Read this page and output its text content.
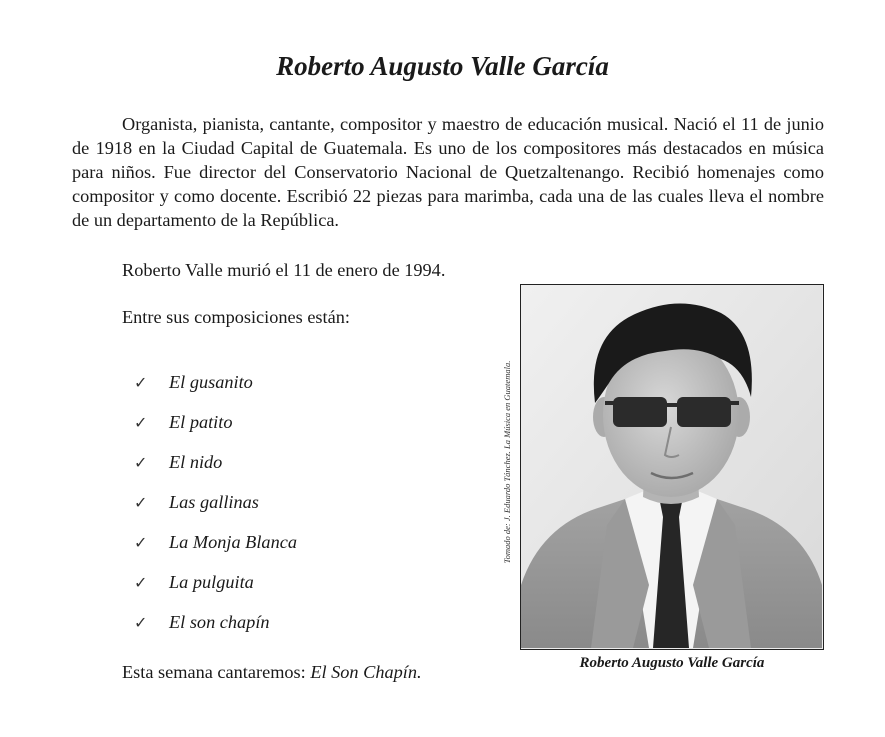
Roberto Augusto Valle García

Organista, pianista, cantante, compositor y maestro de educación musical. Nació el 11 de junio de 1918 en la Ciudad Capital de Guatemala. Es uno de los compositores más destacados en música para niños. Fue director del Conservatorio Nacional de Quetzaltenango. Recibió homenajes como compositor y como docente. Escribió 22 piezas para marimba, cada una de las cuales lleva el nombre de un departamento de la República.

Roberto Valle murió el 11 de enero de 1994.

Entre sus composiciones están:

✓	El gusanito
✓	El patito
✓	El nido
✓	Las gallinas
✓	La Monja Blanca
✓	La pulguita
✓	El son chapín

Esta semana cantaremos: El Son Chapín.

Tomado de: J. Eduardo Tánchez. La Música en Guatemala.

Roberto Augusto Valle García
